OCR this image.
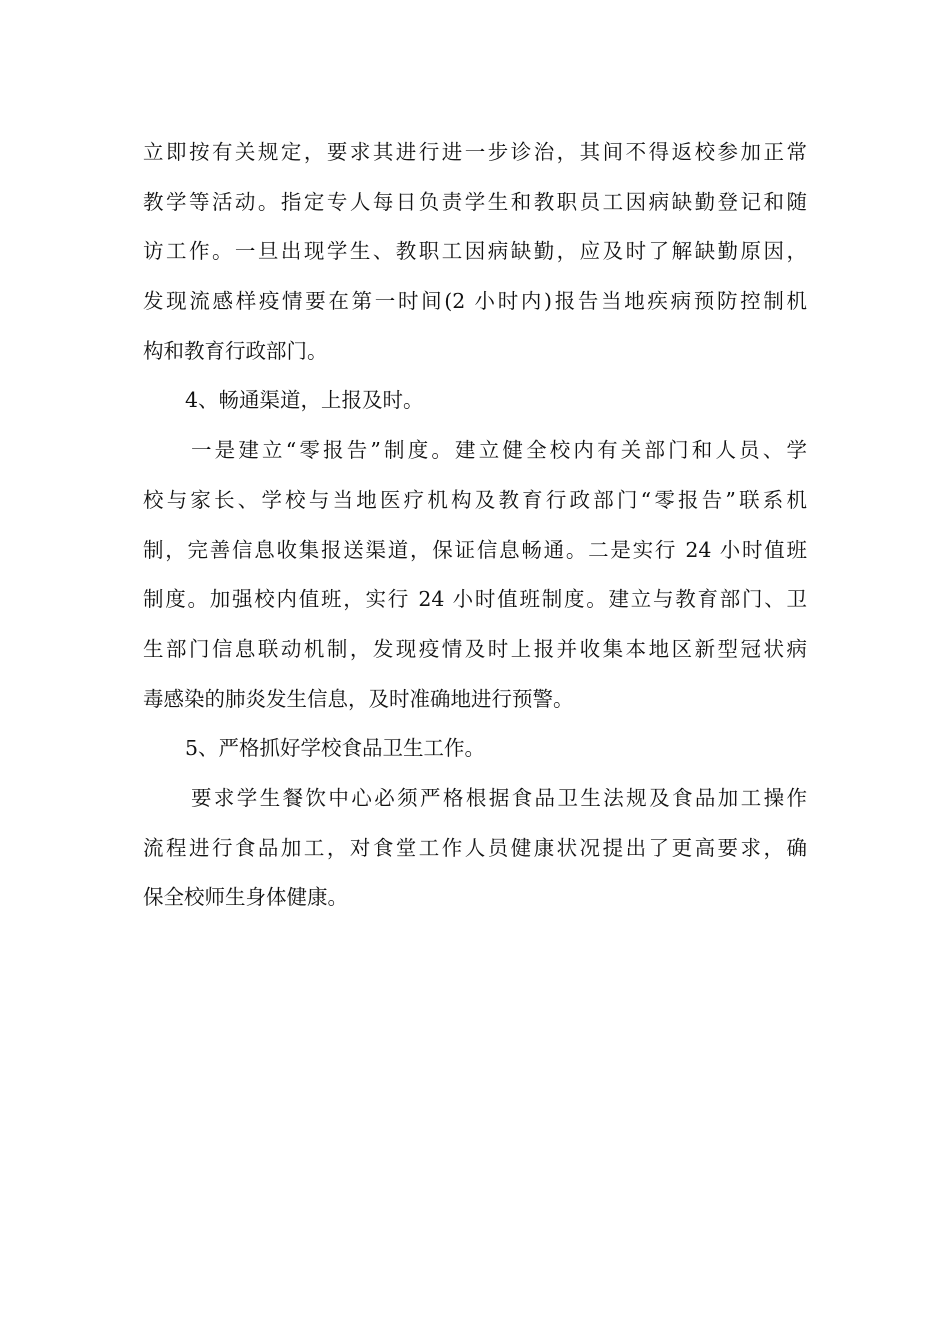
立即按有关规定，要求其进行进一步诊治，其间不得返校参加正常
教学等活动。指定专人每日负责学生和教职员工因病缺勤登记和随
访工作。一旦出现学生、教职工因病缺勤，应及时了解缺勤原因，
发现流感样疫情要在第一时间(2 小时内)报告当地疾病预防控制机
构和教育行政部门。
4、畅通渠道，上报及时。
一是建立“零报告”制度。建立健全校内有关部门和人员、学
校与家长、学校与当地医疗机构及教育行政部门“零报告”联系机
制，完善信息收集报送渠道，保证信息畅通。二是实行 24 小时值班
制度。加强校内值班，实行 24 小时值班制度。建立与教育部门、卫
生部门信息联动机制，发现疫情及时上报并收集本地区新型冠状病
毒感染的肺炎发生信息，及时准确地进行预警。
5、严格抓好学校食品卫生工作。
要求学生餐饮中心必须严格根据食品卫生法规及食品加工操作
流程进行食品加工，对食堂工作人员健康状况提出了更高要求，确
保全校师生身体健康。
